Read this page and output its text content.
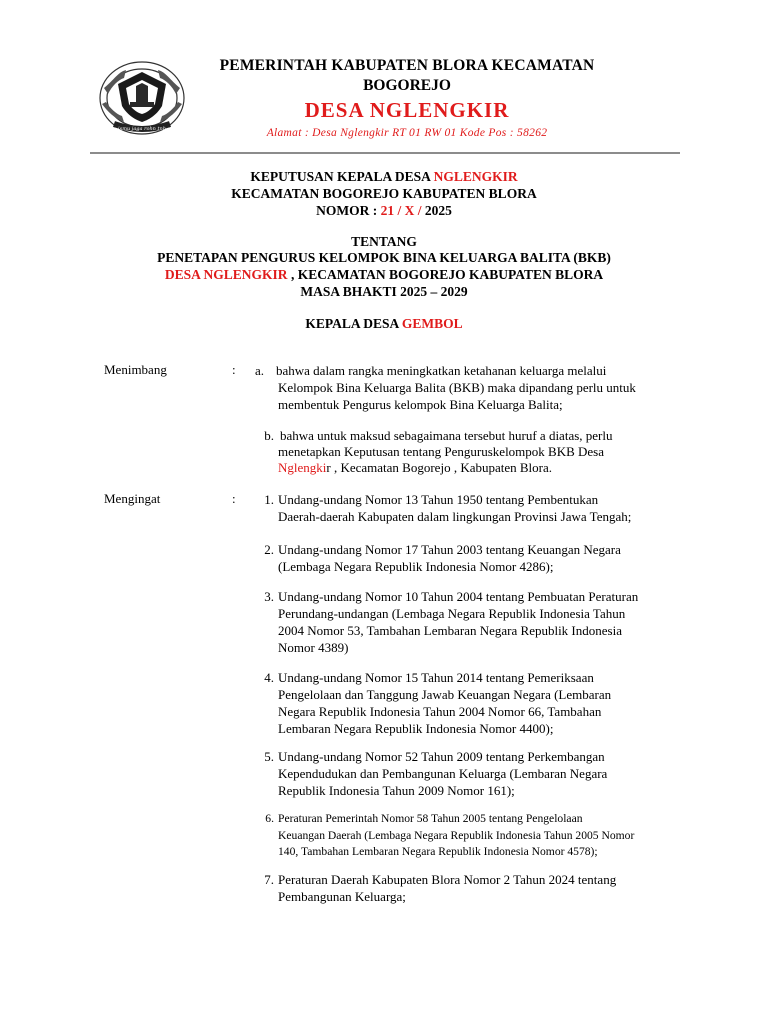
ismu jaga rohn tnh
PEMERINTAH KABUPATEN BLORA KECAMATAN
BOGOREJO
DESA NGLENGKIR
Alamat : Desa Nglengkir RT 01 RW 01 Kode Pos : 58262
KEPUTUSAN KEPALA DESA NGLENGKIR
KECAMATAN BOGOREJO KABUPATEN BLORA
NOMOR : 21 / X / 2025
TENTANG
PENETAPAN PENGURUS KELOMPOK BINA KELUARGA BALITA (BKB)
DESA NGLENGKIR , KECAMATAN BOGOREJO KABUPATEN BLORA
MASA BHAKTI 2025 – 2029
KEPALA DESA GEMBOL
Menimbang	:	a. bahwa dalam rangka meningkatkan ketahanan keluarga melalui
Kelompok Bina Keluarga Balita (BKB) maka dipandang perlu untuk
membentuk Pengurus kelompok Bina Keluarga Balita;
b. bahwa untuk maksud sebagaimana tersebut huruf a diatas, perlu
menetapkan Keputusan tentang Penguruskelompok BKB Desa
Nglengkir , Kecamatan Bogorejo , Kabupaten Blora.
Mengingat	:	1. Undang-undang Nomor 13 Tahun 1950 tentang Pembentukan
Daerah-daerah Kabupaten dalam lingkungan Provinsi Jawa Tengah;
2. Undang-undang Nomor 17 Tahun 2003 tentang Keuangan Negara
(Lembaga Negara Republik Indonesia Nomor 4286);
3. Undang-undang Nomor 10 Tahun 2004 tentang Pembuatan Peraturan
Perundang-undangan (Lembaga Negara Republik Indonesia Tahun
2004 Nomor 53, Tambahan Lembaran Negara Republik Indonesia
Nomor 4389)
4. Undang-undang Nomor 15 Tahun 2014 tentang Pemeriksaan
Pengelolaan dan Tanggung Jawab Keuangan Negara (Lembaran
Negara Republik Indonesia Tahun 2004 Nomor 66, Tambahan
Lembaran Negara Republik Indonesia Nomor 4400);
5. Undang-undang Nomor 52 Tahun 2009 tentang Perkembangan
Kependudukan dan Pembangunan Keluarga (Lembaran Negara
Republik Indonesia Tahun 2009 Nomor 161);
6. Peraturan Pemerintah Nomor 58 Tahun 2005 tentang Pengelolaan
Keuangan Daerah (Lembaga Negara Republik Indonesia Tahun 2005 Nomor
140, Tambahan Lembaran Negara Republik Indonesia Nomor 4578);
7. Peraturan Daerah Kabupaten Blora Nomor 2 Tahun 2024 tentang
Pembangunan Keluarga;
